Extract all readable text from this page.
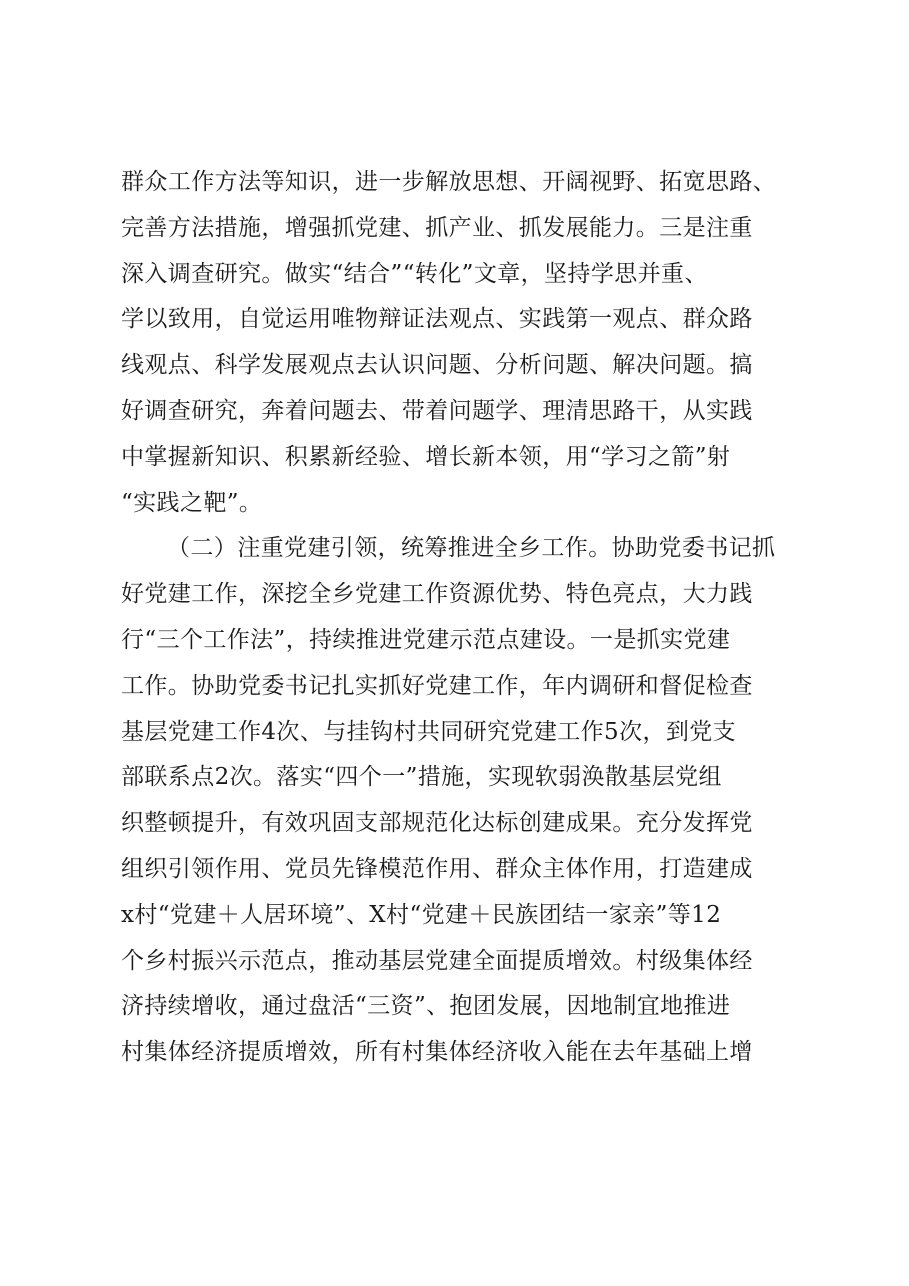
群众工作方法等知识，进一步解放思想、开阔视野、拓宽思路、
完善方法措施，增强抓党建、抓产业、抓发展能力。三是注重
深入调查研究。做实“结合”“转化”文章，坚持学思并重、
学以致用，自觉运用唯物辩证法观点、实践第一观点、群众路
线观点、科学发展观点去认识问题、分析问题、解决问题。搞
好调查研究，奔着问题去、带着问题学、理清思路干，从实践
中掌握新知识、积累新经验、增长新本领，用“学习之箭”射
“实践之靶”。
（二）注重党建引领，统筹推进全乡工作。协助党委书记抓
好党建工作，深挖全乡党建工作资源优势、特色亮点，大力践
行“三个工作法”，持续推进党建示范点建设。一是抓实党建
工作。协助党委书记扎实抓好党建工作，年内调研和督促检查
基层党建工作4次、与挂钩村共同研究党建工作5次，到党支
部联系点2次。落实“四个一”措施，实现软弱涣散基层党组
织整顿提升，有效巩固支部规范化达标创建成果。充分发挥党
组织引领作用、党员先锋模范作用、群众主体作用，打造建成
x村“党建＋人居环境”、X村“党建＋民族团结一家亲”等12
个乡村振兴示范点，推动基层党建全面提质增效。村级集体经
济持续增收，通过盘活“三资”、抱团发展，因地制宜地推进
村集体经济提质增效，所有村集体经济收入能在去年基础上增
